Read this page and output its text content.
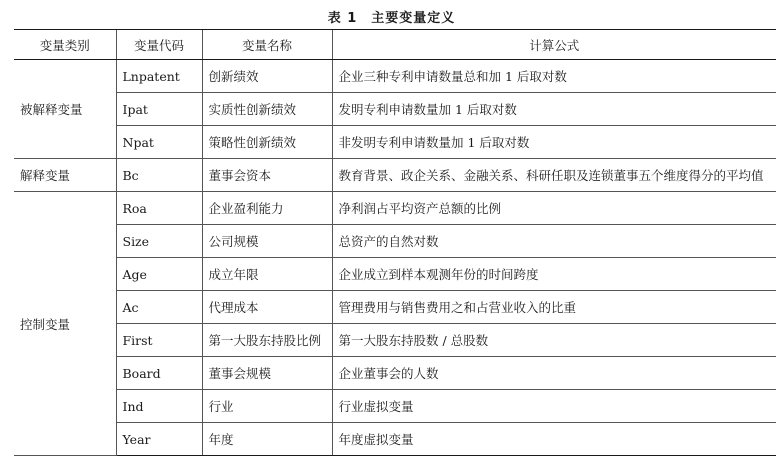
表 1　主要变量定义
变量类别	变量代码	变量名称	计算公式
被解释变量	Lnpatent	创新绩效	企业三种专利申请数量总和加 1 后取对数
	Ipat	实质性创新绩效	发明专利申请数量加 1 后取对数
	Npat	策略性创新绩效	非发明专利申请数量加 1 后取对数
解释变量	Bc	董事会资本	教育背景、政企关系、金融关系、科研任职及连锁董事五个维度得分的平均值
控制变量	Roa	企业盈利能力	净利润占平均资产总额的比例
	Size	公司规模	总资产的自然对数
	Age	成立年限	企业成立到样本观测年份的时间跨度
	Ac	代理成本	管理费用与销售费用之和占营业收入的比重
	First	第一大股东持股比例	第一大股东持股数 / 总股数
	Board	董事会规模	企业董事会的人数
	Ind	行业	行业虚拟变量
	Year	年度	年度虚拟变量
